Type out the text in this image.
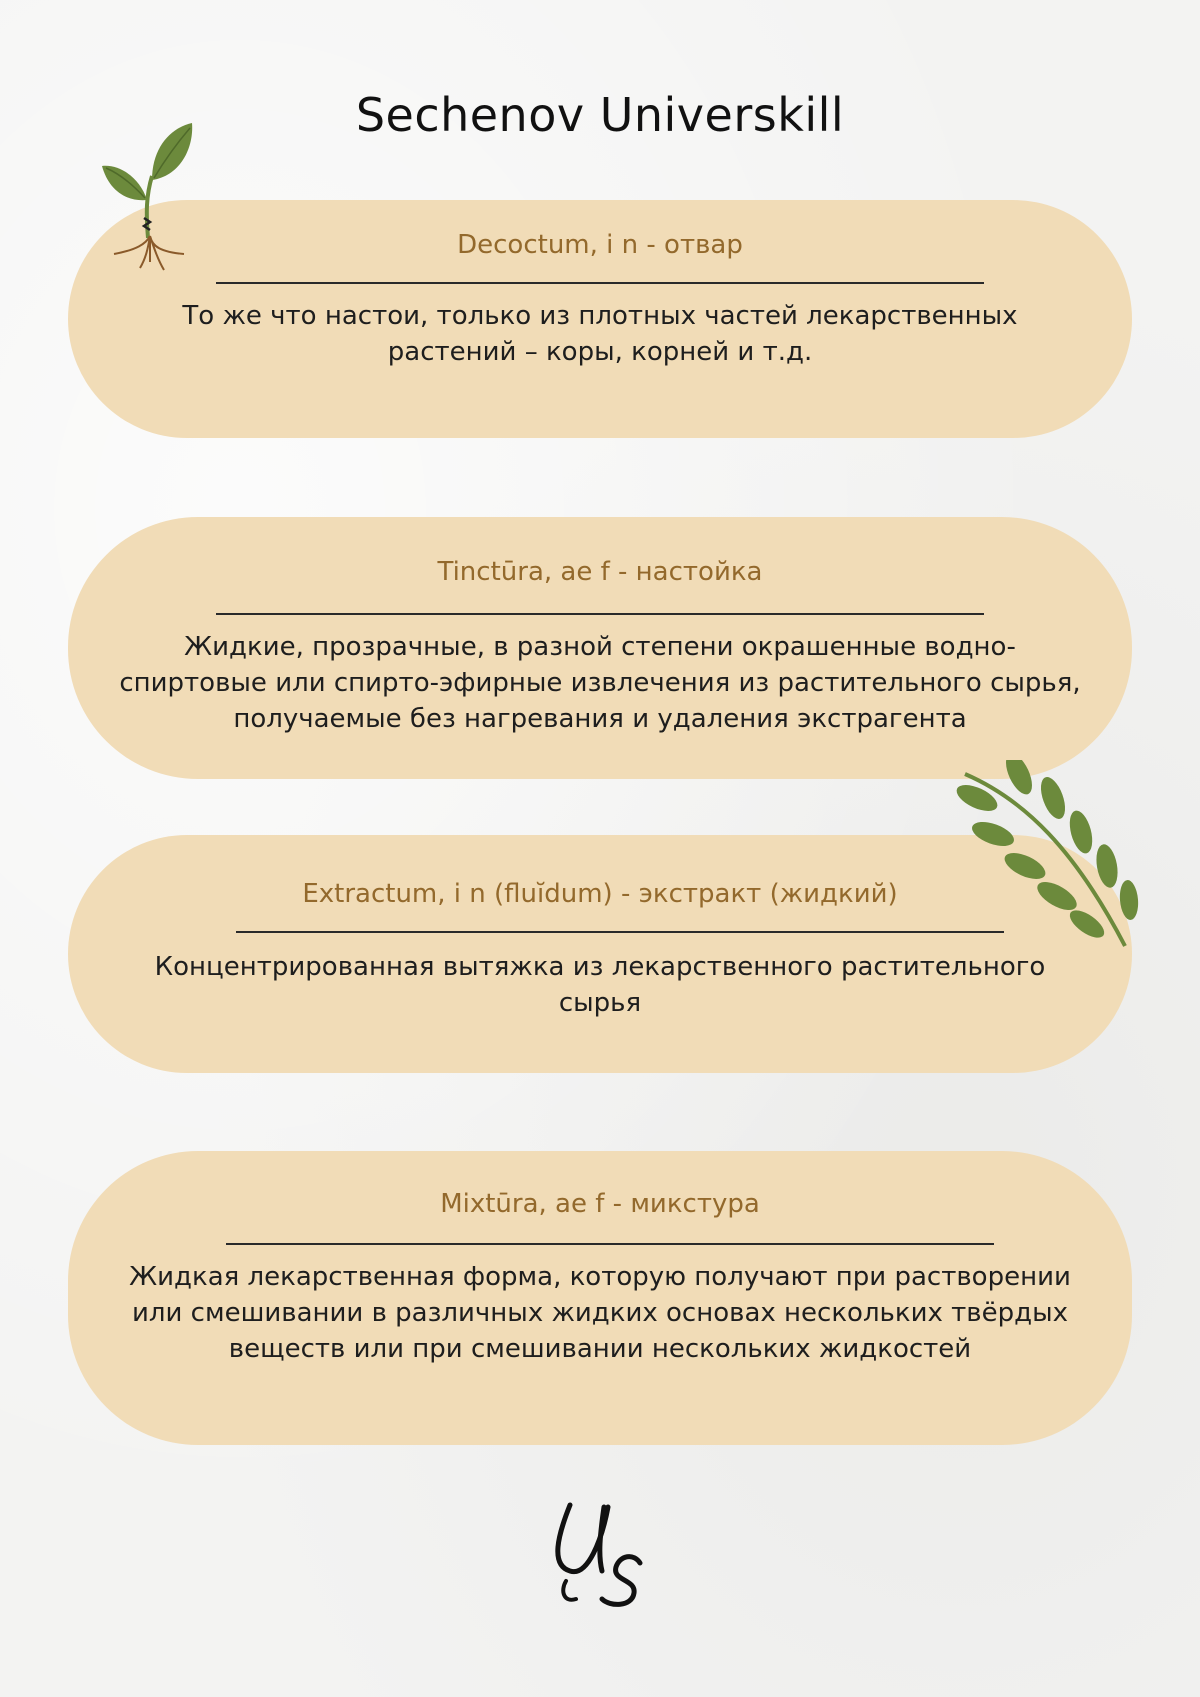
Sechenov Universkill
Decoctum, i n - отвар
То же что настои, только из плотных частей лекарственных растений – коры, корней и т.д.
Tinctūra, ae f - настойка
Жидкие, прозрачные, в разной степени окрашенные водно-спиртовые или спирто-эфирные извлечения из растительного сырья, получаемые без нагревания и удаления экстрагента
Extractum, i n (fluĭdum) - экстракт (жидкий)
Концентрированная вытяжка из лекарственного растительного сырья
Mixtūra, ae f - микстура
Жидкая лекарственная форма, которую получают при растворении или смешивании в различных жидких основах нескольких твёрдых веществ или при смешивании нескольких жидкостей
